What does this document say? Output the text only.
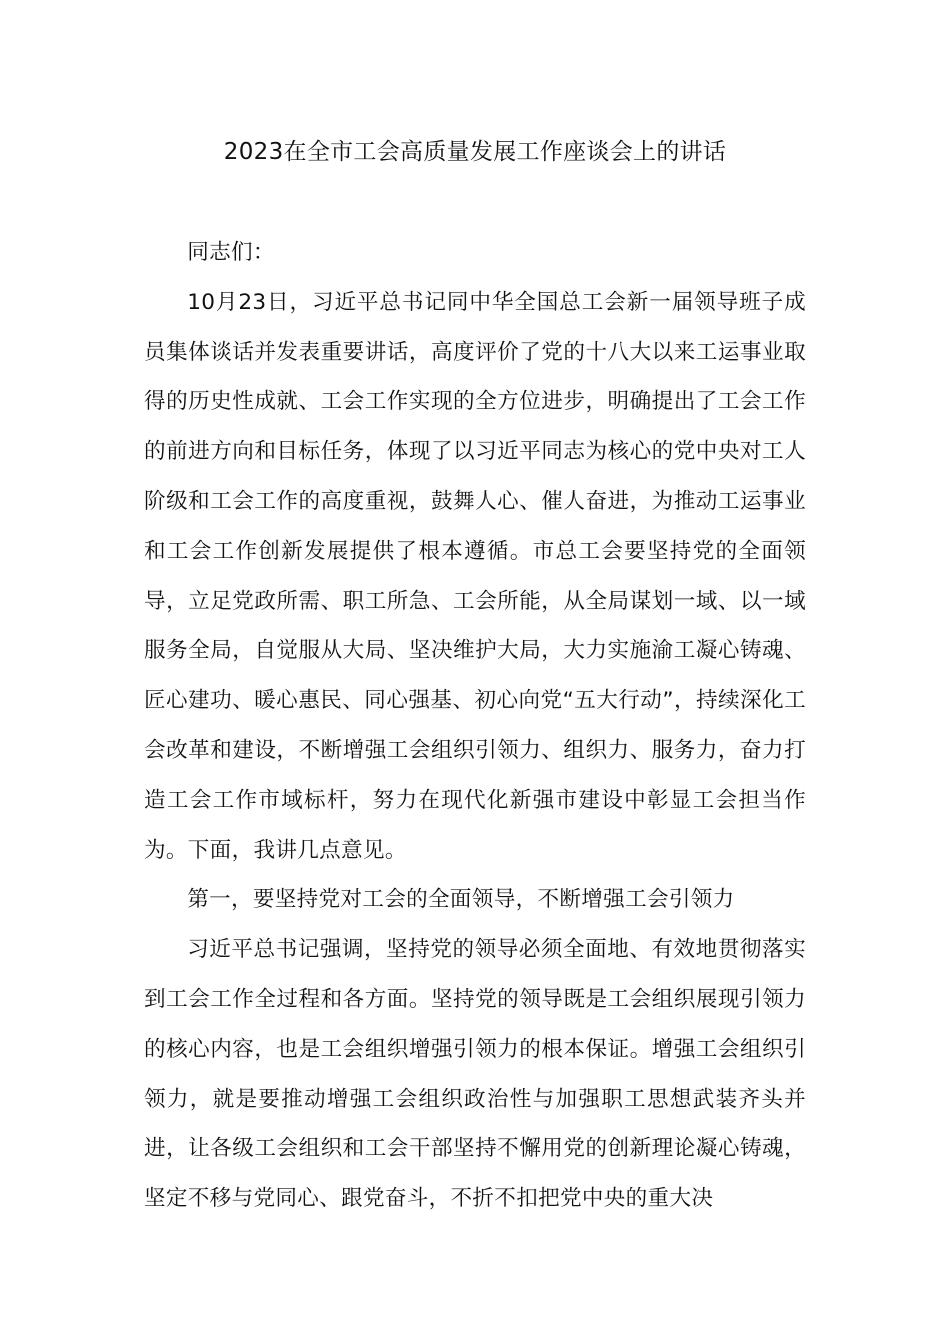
2023在全市工会高质量发展工作座谈会上的讲话

同志们：

10月23日，习近平总书记同中华全国总工会新一届领导班子成员集体谈话并发表重要讲话，高度评价了党的十八大以来工运事业取得的历史性成就、工会工作实现的全方位进步，明确提出了工会工作的前进方向和目标任务，体现了以习近平同志为核心的党中央对工人阶级和工会工作的高度重视，鼓舞人心、催人奋进，为推动工运事业和工会工作创新发展提供了根本遵循。市总工会要坚持党的全面领导，立足党政所需、职工所急、工会所能，从全局谋划一域、以一域服务全局，自觉服从大局、坚决维护大局，大力实施渝工凝心铸魂、匠心建功、暖心惠民、同心强基、初心向党“五大行动”，持续深化工会改革和建设，不断增强工会组织引领力、组织力、服务力，奋力打造工会工作市域标杆，努力在现代化新强市建设中彰显工会担当作为。下面，我讲几点意见。

第一，要坚持党对工会的全面领导，不断增强工会引领力

习近平总书记强调，坚持党的领导必须全面地、有效地贯彻落实到工会工作全过程和各方面。坚持党的领导既是工会组织展现引领力的核心内容，也是工会组织增强引领力的根本保证。增强工会组织引领力，就是要推动增强工会组织政治性与加强职工思想武装齐头并进，让各级工会组织和工会干部坚持不懈用党的创新理论凝心铸魂，坚定不移与党同心、跟党奋斗，不折不扣把党中央的重大决
